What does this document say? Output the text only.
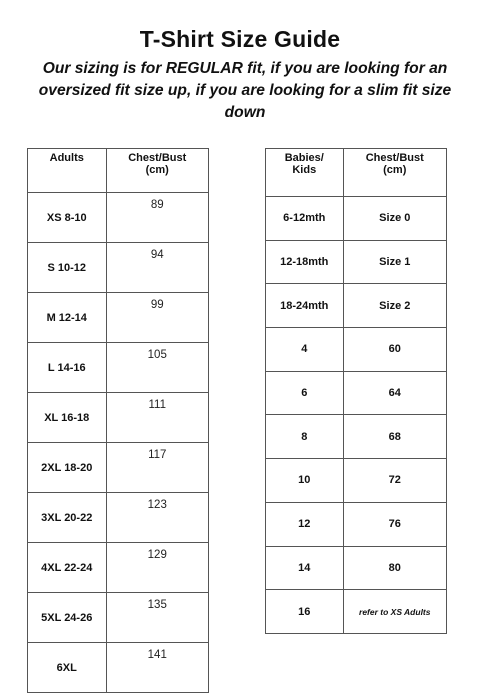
T-Shirt Size Guide
Our sizing is for REGULAR fit, if you are looking for an oversized fit size up, if you are looking for a slim fit size down
Adults	Chest/Bust
(cm)
XS 8-10	89
S 10-12	94
M 12-14	99
L 14-16	105
XL 16-18	111
2XL 18-20	117
3XL 20-22	123
4XL 22-24	129
5XL 24-26	135
6XL	141
Babies/
Kids	Chest/Bust
(cm)
6-12mth	Size 0
12-18mth	Size 1
18-24mth	Size 2
4	60
6	64
8	68
10	72
12	76
14	80
16	refer to XS Adults
